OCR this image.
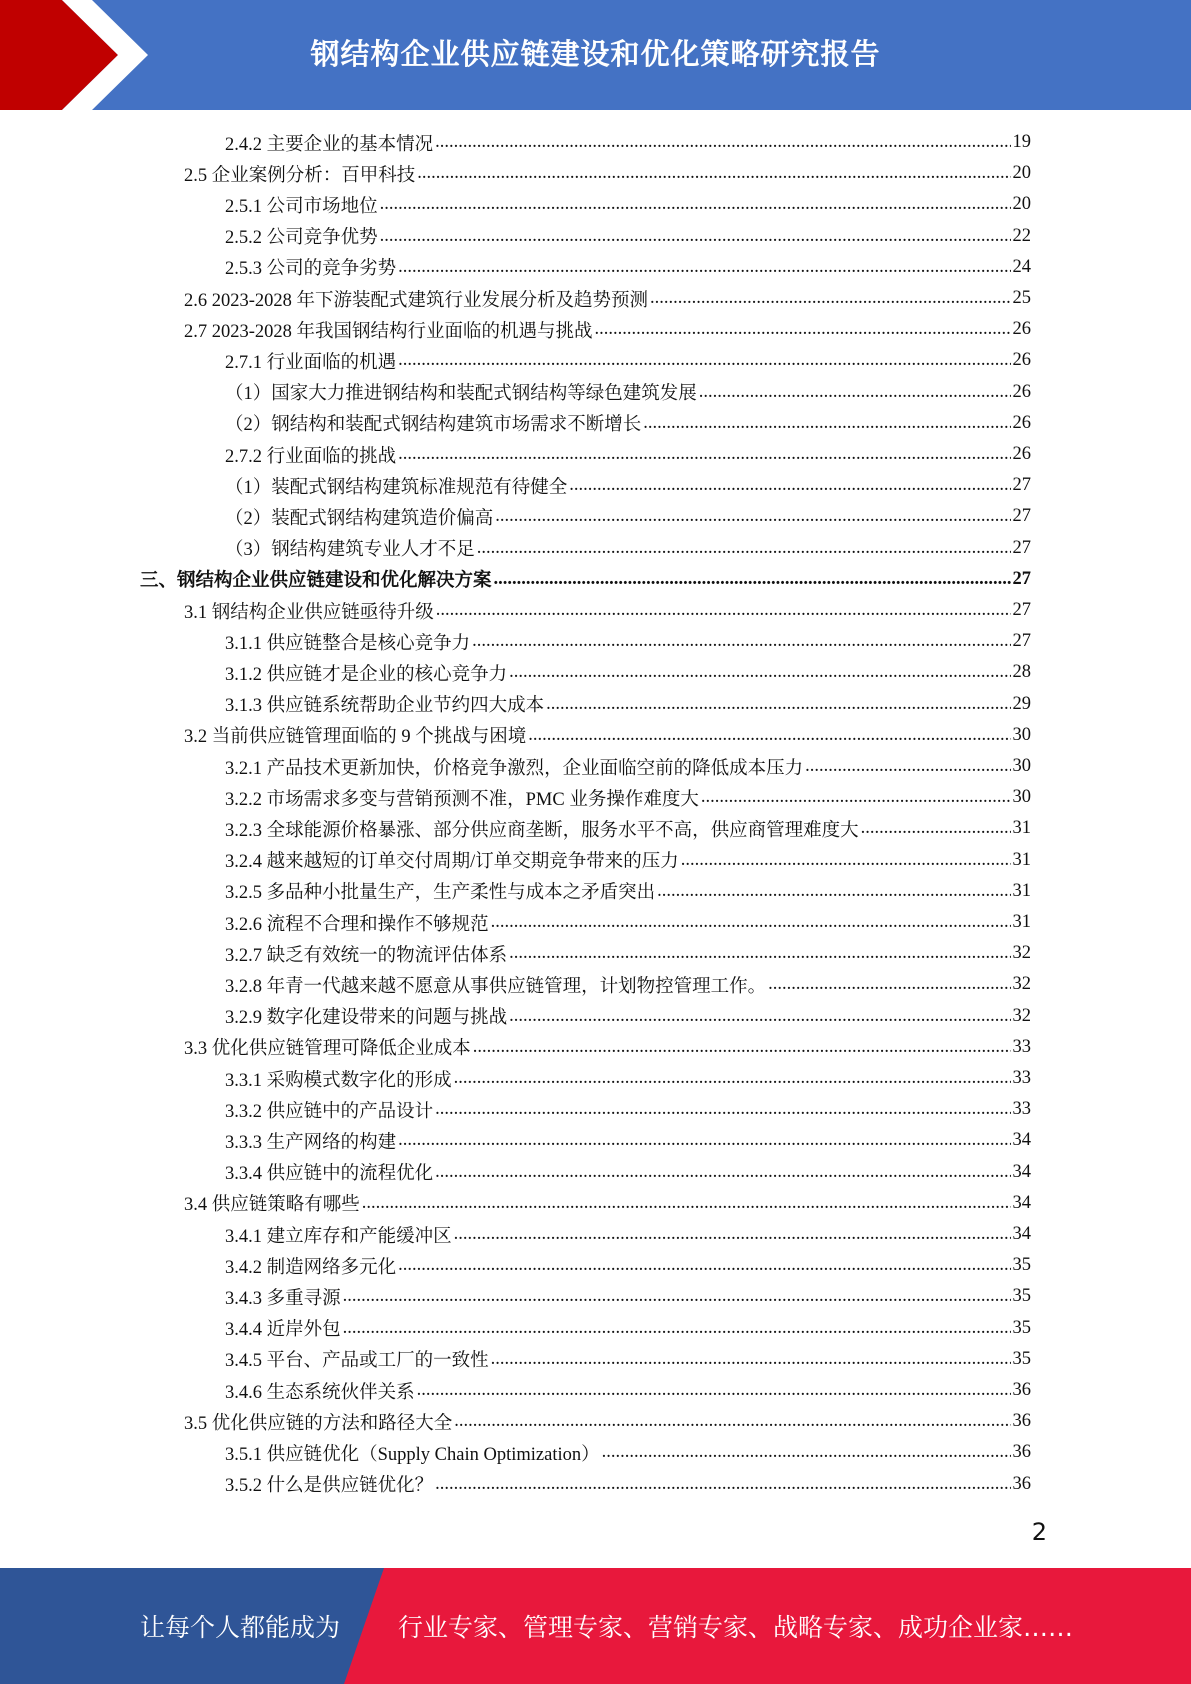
钢结构企业供应链建设和优化策略研究报告
2.4.2 主要企业的基本情况 .....	19
2.5 企业案例分析：百甲科技 .....	20
2.5.1 公司市场地位 .....	20
2.5.2 公司竞争优势 .....	22
2.5.3 公司的竞争劣势 .....	24
2.6 2023-2028 年下游装配式建筑行业发展分析及趋势预测 .....	25
2.7 2023-2028 年我国钢结构行业面临的机遇与挑战 .....	26
2.7.1 行业面临的机遇 .....	26
（1）国家大力推进钢结构和装配式钢结构等绿色建筑发展 .....	26
（2）钢结构和装配式钢结构建筑市场需求不断增长 .....	26
2.7.2 行业面临的挑战 .....	26
（1）装配式钢结构建筑标准规范有待健全 .....	27
（2）装配式钢结构建筑造价偏高 .....	27
（3）钢结构建筑专业人才不足 .....	27
三、钢结构企业供应链建设和优化解决方案 .....	27
3.1 钢结构企业供应链亟待升级 .....	27
3.1.1 供应链整合是核心竞争力 .....	27
3.1.2 供应链才是企业的核心竞争力 .....	28
3.1.3 供应链系统帮助企业节约四大成本 .....	29
3.2 当前供应链管理面临的 9 个挑战与困境 .....	30
3.2.1 产品技术更新加快，价格竞争激烈，企业面临空前的降低成本压力 .....	30
3.2.2 市场需求多变与营销预测不准，PMC 业务操作难度大 .....	30
3.2.3 全球能源价格暴涨、部分供应商垄断，服务水平不高，供应商管理难度大 .....	31
3.2.4 越来越短的订单交付周期/订单交期竞争带来的压力 .....	31
3.2.5 多品种小批量生产，生产柔性与成本之矛盾突出 .....	31
3.2.6 流程不合理和操作不够规范 .....	31
3.2.7 缺乏有效统一的物流评估体系 .....	32
3.2.8 年青一代越来越不愿意从事供应链管理，计划物控管理工作。 .....	32
3.2.9 数字化建设带来的问题与挑战 .....	32
3.3 优化供应链管理可降低企业成本 .....	33
3.3.1 采购模式数字化的形成 .....	33
3.3.2 供应链中的产品设计 .....	33
3.3.3 生产网络的构建 .....	34
3.3.4 供应链中的流程优化 .....	34
3.4 供应链策略有哪些 .....	34
3.4.1 建立库存和产能缓冲区 .....	34
3.4.2 制造网络多元化 .....	35
3.4.3 多重寻源 .....	35
3.4.4 近岸外包 .....	35
3.4.5 平台、产品或工厂的一致性 .....	35
3.4.6 生态系统伙伴关系 .....	36
3.5 优化供应链的方法和路径大全 .....	36
3.5.1 供应链优化（Supply Chain Optimization） .....	36
3.5.2 什么是供应链优化？ .....	36
2
让每个人都能成为 行业专家、管理专家、营销专家、战略专家、成功企业家……
